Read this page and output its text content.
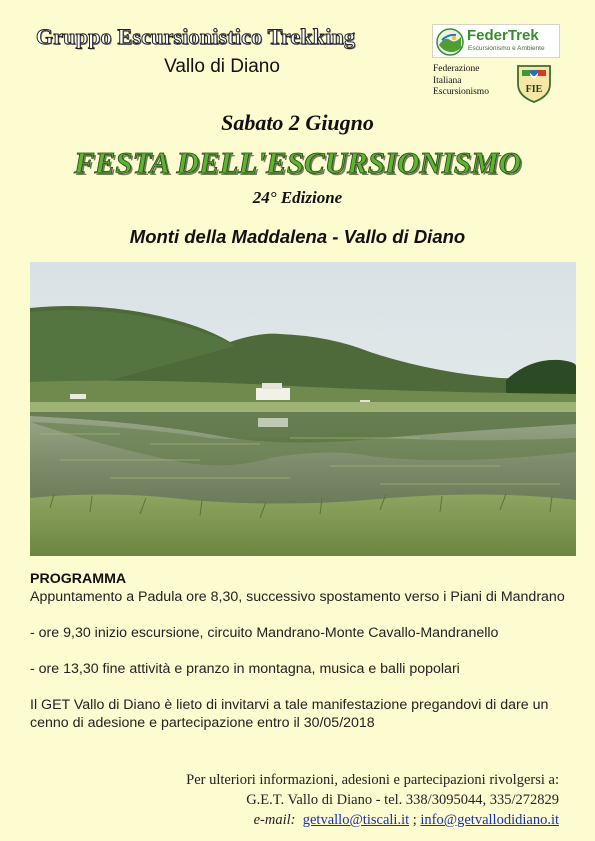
Gruppo Escursionistico Trekking
Vallo di Diano
FederTrek
Escursionismo e Ambiente
Federazione
Italiana
Escursionismo	FIE
Sabato 2 Giugno
FESTA DELL'ESCURSIONISMO
24° Edizione
Monti della Maddalena - Vallo di Diano

PROGRAMMA

Appuntamento a Padula ore 8,30, successivo spostamento verso i Piani di Mandrano

- ore 9,30 inizio escursione, circuito Mandrano-Monte Cavallo-Mandranello

- ore 13,30 fine attività e pranzo in montagna, musica e balli popolari

Il GET Vallo di Diano è lieto di invitarvi a tale manifestazione pregandovi di dare un cenno di adesione e partecipazione entro il 30/05/2018

Per ulteriori informazioni, adesioni e partecipazioni rivolgersi a:
G.E.T. Vallo di Diano - tel. 338/3095044, 335/272829
e-mail: getvallo@tiscali.it ; info@getvallodidiano.it
